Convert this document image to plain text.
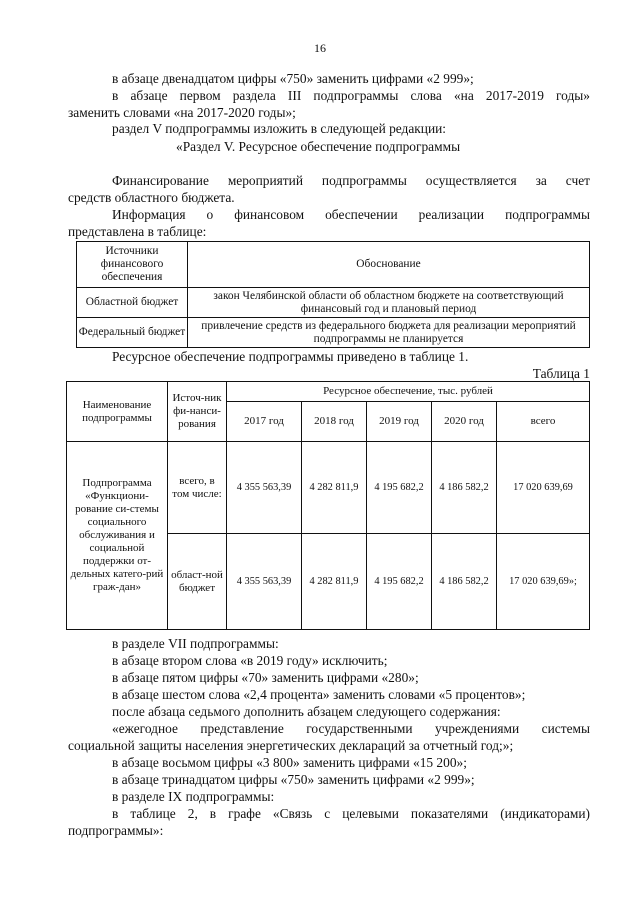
16
в абзаце двенадцатом цифры «750» заменить цифрами «2 999»;
в абзаце первом раздела III подпрограммы слова «на 2017-2019 годы»
заменить словами «на 2017-2020 годы»;
раздел V подпрограммы изложить в следующей редакции:
«Раздел V. Ресурсное обеспечение подпрограммы
Финансирование мероприятий подпрограммы осуществляется за счет
средств областного бюджета.
Информация о финансовом обеспечении реализации подпрограммы
представлена в таблице:
Источники финансового обеспечения	Обоснование
Областной бюджет	закон Челябинской области об областном бюджете на соответствующий финансовый год и плановый период
Федеральный бюджет	привлечение средств из федерального бюджета для реализации мероприятий подпрограммы не планируется
Ресурсное обеспечение подпрограммы приведено в таблице 1.
Таблица 1
Наименование подпрограммы	Источ-ник фи-нанси-рования	Ресурсное обеспечение, тыс. рублей				
		2017 год	2018 год	2019 год	2020 год	всего
Подпрограмма «Функциони-рование си-стемы социального обслуживания и социальной поддержки от-дельных катего-рий граж-дан»	всего, в том числе:	4 355 563,39	4 282 811,9	4 195 682,2	4 186 582,2	17 020 639,69
	област-ной бюджет	4 355 563,39	4 282 811,9	4 195 682,2	4 186 582,2	17 020 639,69»;
в разделе VII подпрограммы:
в абзаце втором слова «в 2019 году» исключить;
в абзаце пятом цифры «70» заменить цифрами «280»;
в абзаце шестом слова «2,4 процента» заменить словами «5 процентов»;
после абзаца седьмого дополнить абзацем следующего содержания:
«ежегодное представление государственными учреждениями системы
социальной защиты населения энергетических деклараций за отчетный год;»;
в абзаце восьмом цифры «3 800» заменить цифрами «15 200»;
в абзаце тринадцатом цифры «750» заменить цифрами «2 999»;
в разделе IX подпрограммы:
в таблице 2, в графе «Связь с целевыми показателями (индикаторами)
подпрограммы»:
